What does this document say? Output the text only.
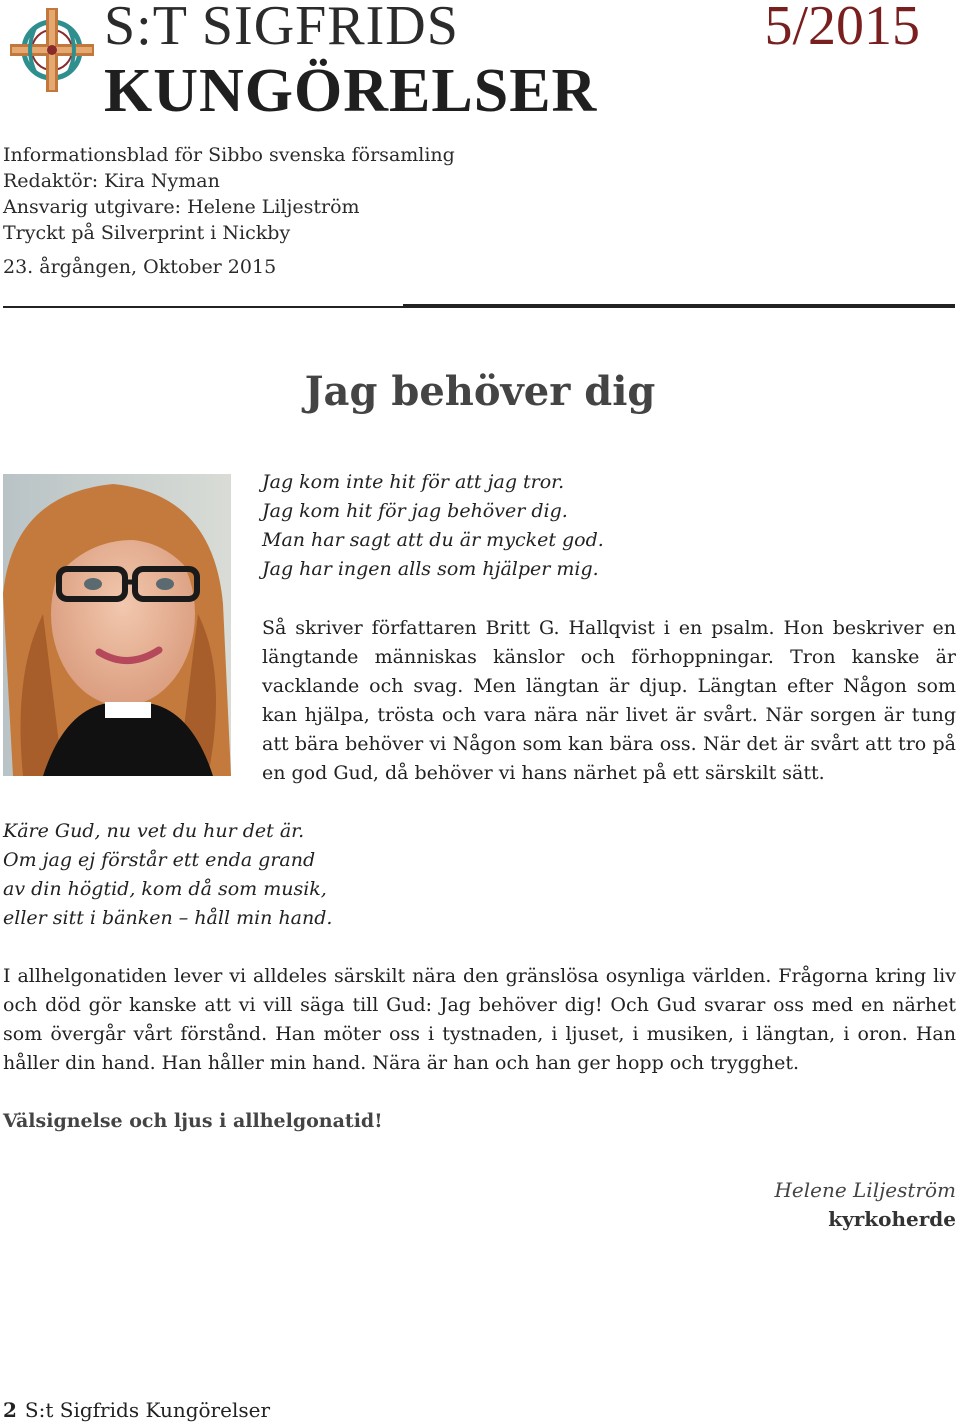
S:T SIGFRIDS
KUNGÖRELSER
5/2015
Informationsblad för Sibbo svenska församling
Redaktör: Kira Nyman
Ansvarig utgivare: Helene Liljeström
Tryckt på Silverprint i Nickby
23. årgången, Oktober 2015
Jag behöver dig
Jag kom inte hit för att jag tror.
Jag kom hit för jag behöver dig.
Man har sagt att du är mycket god.
Jag har ingen alls som hjälper mig.
Så skriver författaren Britt G. Hallqvist i en psalm. Hon beskriver en längtande människas känslor och förhoppningar. Tron kanske är vacklande och svag. Men längtan är djup. Längtan efter Någon som kan hjälpa, trösta och vara nära när livet är svårt. När sorgen är tung att bära behöver vi Någon som kan bära oss. När det är svårt att tro på en god Gud, då behöver vi hans närhet på ett särskilt sätt.
Käre Gud, nu vet du hur det är.
Om jag ej förstår ett enda grand
av din högtid, kom då som musik,
eller sitt i bänken – håll min hand.
I allhelgonatiden lever vi alldeles särskilt nära den gränslösa osynliga världen. Frågorna kring liv och död gör kanske att vi vill säga till Gud: Jag behöver dig! Och Gud svarar oss med en närhet som övergår vårt förstånd. Han möter oss i tystnaden, i ljuset, i musiken, i längtan, i oron. Han håller din hand. Han håller min hand. Nära är han och han ger hopp och trygghet.
Välsignelse och ljus i allhelgonatid!
Helene Liljeström
kyrkoherde
2 S:t Sigfrids Kungörelser
